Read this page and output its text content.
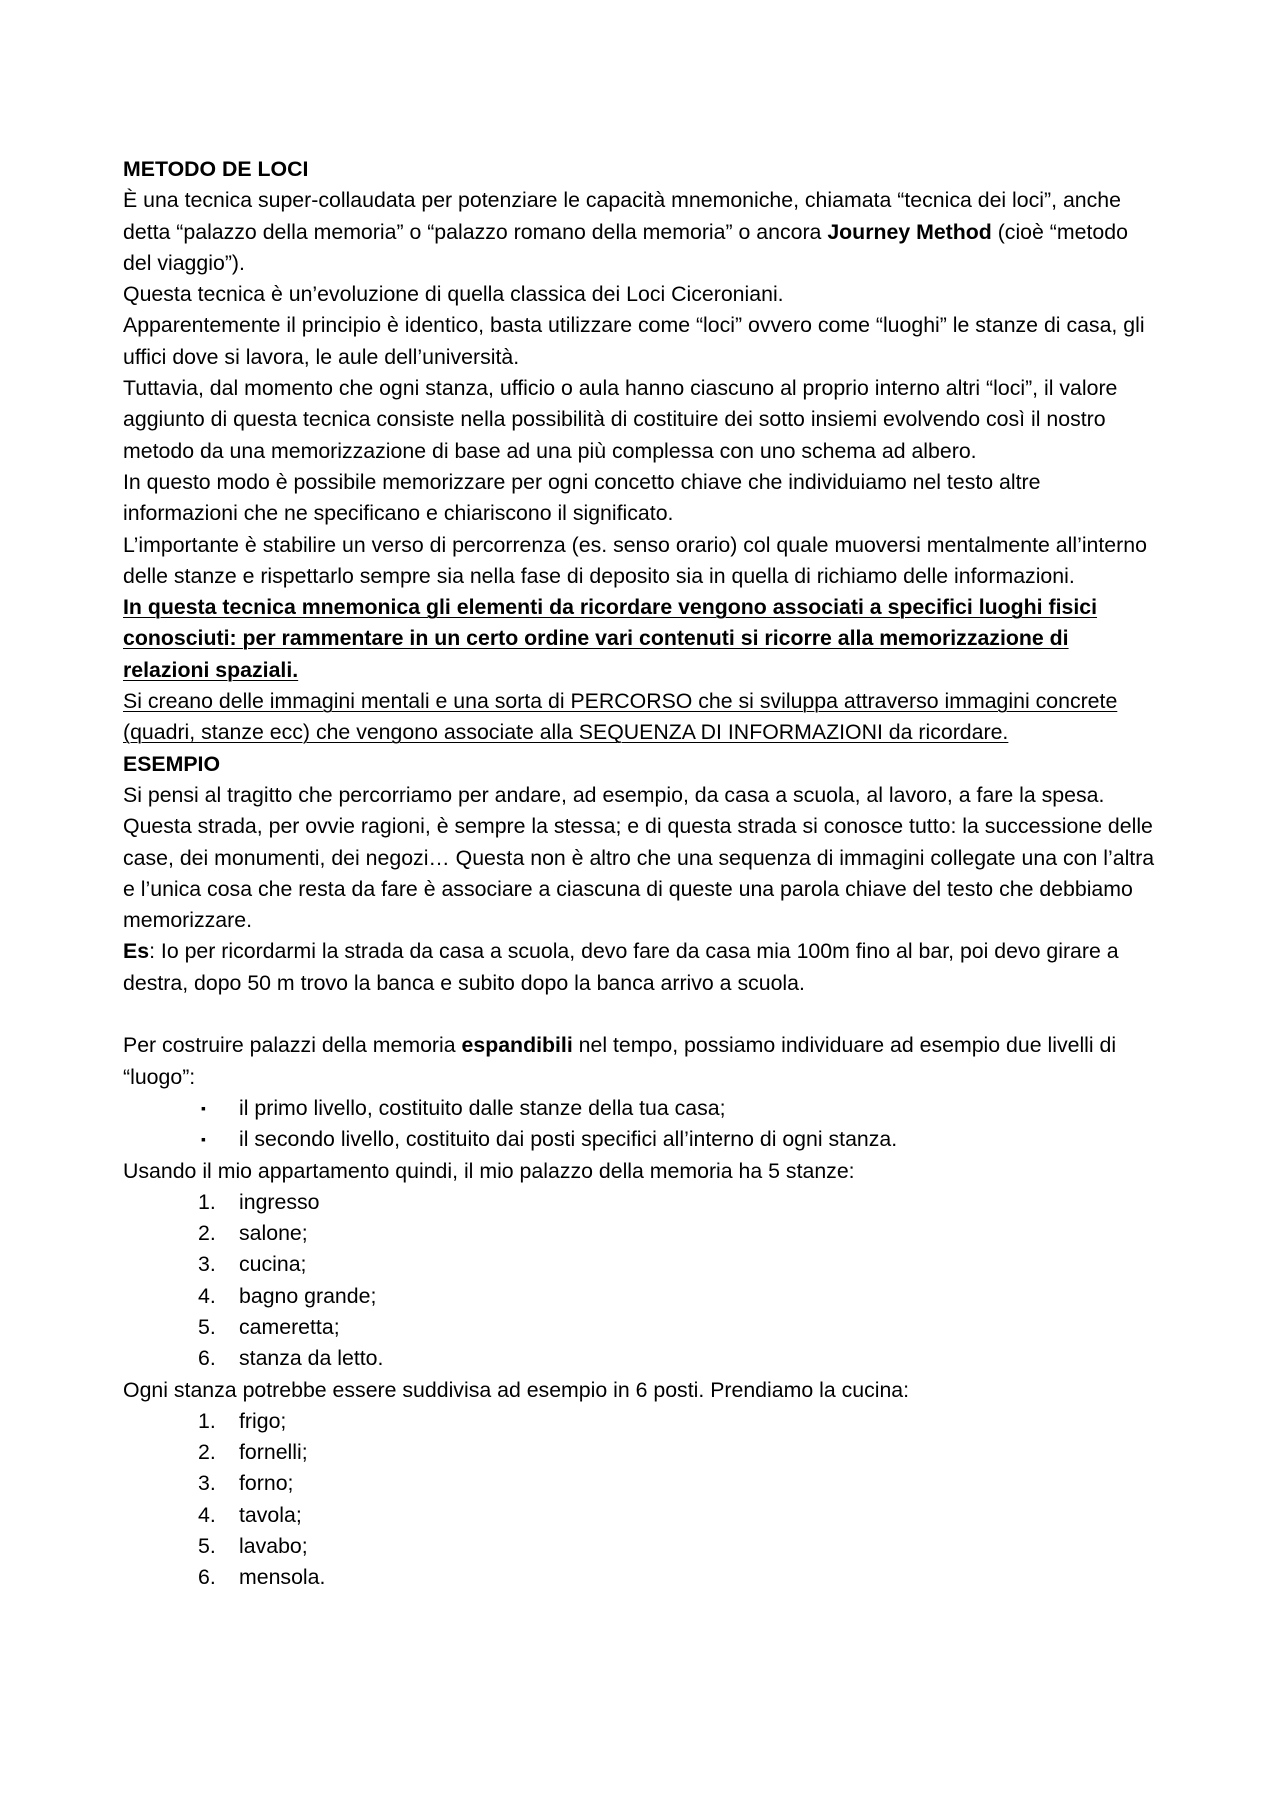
METODO DE LOCI

È una tecnica super-collaudata per potenziare le capacità mnemoniche, chiamata “tecnica dei loci”, anche detta “palazzo della memoria” o “palazzo romano della memoria” o ancora Journey Method (cioè “metodo del viaggio”).

Questa tecnica è un’evoluzione di quella classica dei Loci Ciceroniani.

Apparentemente il principio è identico, basta utilizzare come “loci” ovvero come “luoghi” le stanze di casa, gli uffici dove si lavora, le aule dell’università.

Tuttavia, dal momento che ogni stanza, ufficio o aula hanno ciascuno al proprio interno altri “loci”, il valore aggiunto di questa tecnica consiste nella possibilità di costituire dei sotto insiemi evolvendo così il nostro metodo da una memorizzazione di base ad una più complessa con uno schema ad albero.

In questo modo è possibile memorizzare per ogni concetto chiave che individuiamo nel testo altre informazioni che ne specificano e chiariscono il significato.

L’importante è stabilire un verso di percorrenza (es. senso orario) col quale muoversi mentalmente all’interno delle stanze e rispettarlo sempre sia nella fase di deposito sia in quella di richiamo delle informazioni.

In questa tecnica mnemonica gli elementi da ricordare vengono associati a specifici luoghi fisici conosciuti: per rammentare in un certo ordine vari contenuti si ricorre alla memorizzazione di relazioni spaziali.

Si creano delle immagini mentali e una sorta di PERCORSO che si sviluppa attraverso immagini concrete (quadri, stanze ecc) che vengono associate alla SEQUENZA DI INFORMAZIONI da ricordare.

ESEMPIO

Si pensi al tragitto che percorriamo per andare, ad esempio, da casa a scuola, al lavoro, a fare la spesa. Questa strada, per ovvie ragioni, è sempre la stessa; e di questa strada si conosce tutto: la successione delle case, dei monumenti, dei negozi… Questa non è altro che una sequenza di immagini collegate una con l’altra e l’unica cosa che resta da fare è associare a ciascuna di queste una parola chiave del testo che debbiamo memorizzare.

Es: Io per ricordarmi la strada da casa a scuola, devo fare da casa mia 100m fino al bar, poi devo girare a destra, dopo 50 m trovo la banca e subito dopo la banca arrivo a scuola.

Per costruire palazzi della memoria espandibili nel tempo, possiamo individuare ad esempio due livelli di “luogo”:

▪ il primo livello, costituito dalle stanze della tua casa;
▪ il secondo livello, costituito dai posti specifici all’interno di ogni stanza.

Usando il mio appartamento quindi, il mio palazzo della memoria ha 5 stanze:

1.	ingresso
2.	salone;
3.	cucina;
4.	bagno grande;
5.	cameretta;
6.	stanza da letto.

Ogni stanza potrebbe essere suddivisa ad esempio in 6 posti. Prendiamo la cucina:

1.	frigo;
2.	fornelli;
3.	forno;
4.	tavola;
5.	lavabo;
6.	mensola.
